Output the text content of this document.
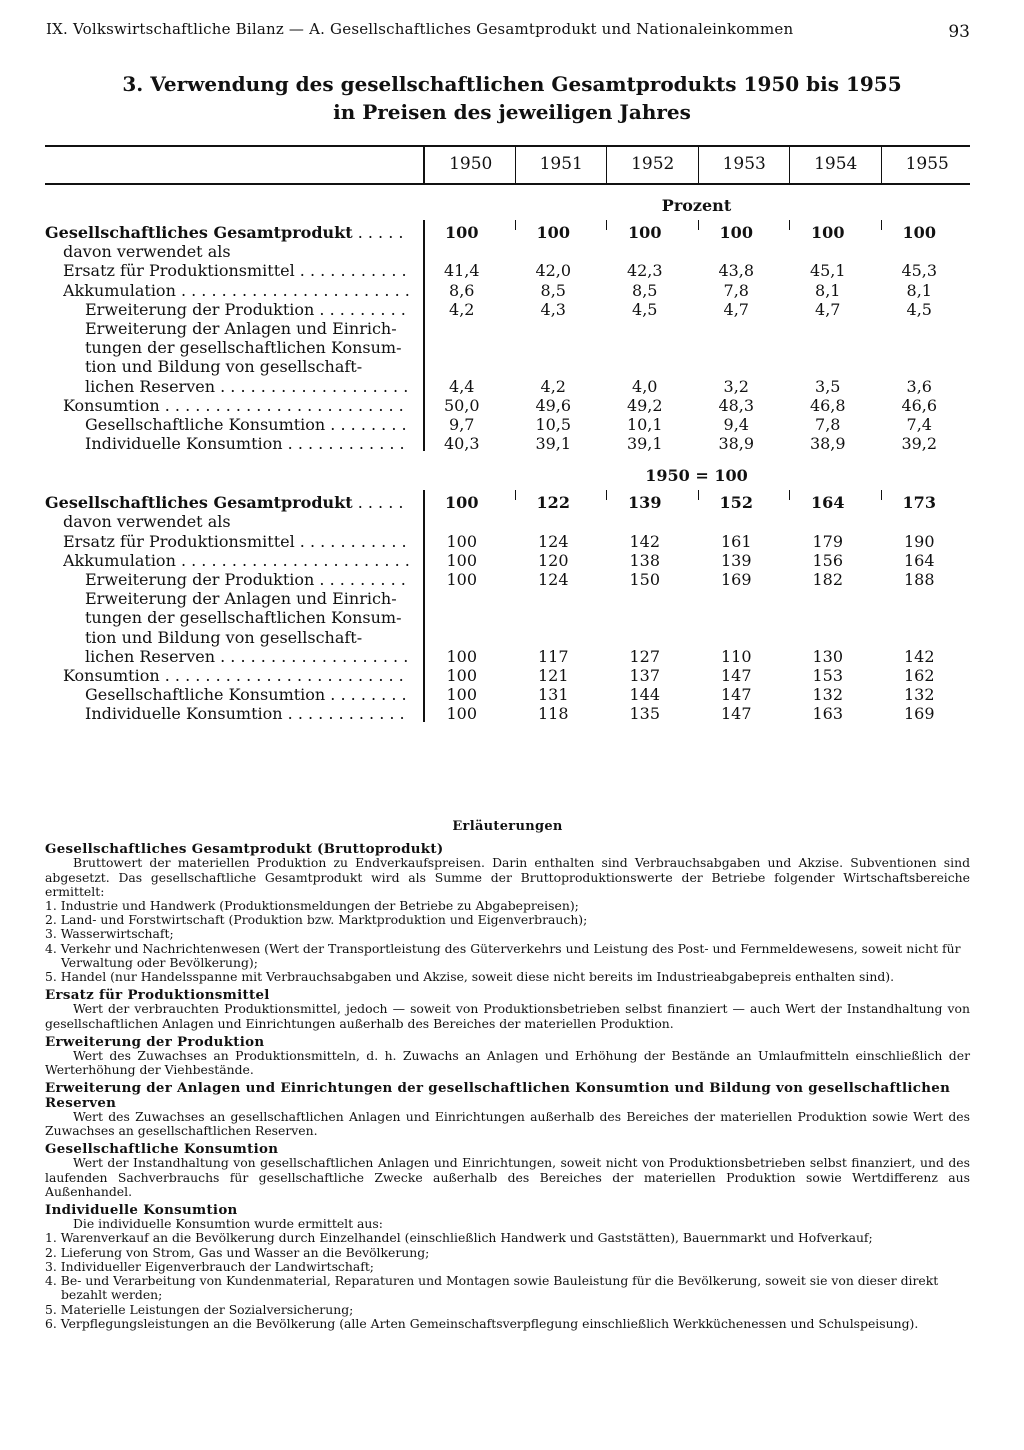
IX. Volkswirtschaftliche Bilanz — A. Gesellschaftliches Gesamtprodukt und Nationaleinkommen	93
3. Verwendung des gesellschaftlichen Gesamtprodukts 1950 bis 1955
in Preisen des jeweiligen Jahres
1950	1951	1952	1953	1954	1955
Prozent
Gesellschaftliches Gesamtprodukt . . .	100	100	100	100	100	100
davon verwendet als
Ersatz für Produktionsmittel . . .	41,4	42,0	42,3	43,8	45,1	45,3
Akkumulation . . .	8,6	8,5	8,5	7,8	8,1	8,1
Erweiterung der Produktion . . .	4,2	4,3	4,5	4,7	4,7	4,5
Erweiterung der Anlagen und Einrich-
tungen der gesellschaftlichen Konsum-
tion und Bildung von gesellschaft-
lichen Reserven . . .	4,4	4,2	4,0	3,2	3,5	3,6
Konsumtion . . .	50,0	49,6	49,2	48,3	46,8	46,6
Gesellschaftliche Konsumtion . . .	9,7	10,5	10,1	9,4	7,8	7,4
Individuelle Konsumtion . . .	40,3	39,1	39,1	38,9	38,9	39,2
1950 = 100
Gesellschaftliches Gesamtprodukt . . .	100	122	139	152	164	173
davon verwendet als
Ersatz für Produktionsmittel . . .	100	124	142	161	179	190
Akkumulation . . .	100	120	138	139	156	164
Erweiterung der Produktion . . .	100	124	150	169	182	188
Erweiterung der Anlagen und Einrich-
tungen der gesellschaftlichen Konsum-
tion und Bildung von gesellschaft-
lichen Reserven . . .	100	117	127	110	130	142
Konsumtion . . .	100	121	137	147	153	162
Gesellschaftliche Konsumtion . . .	100	131	144	147	132	132
Individuelle Konsumtion . . .	100	118	135	147	163	169
Erläuterungen
Gesellschaftliches Gesamtprodukt (Bruttoprodukt)
Bruttowert der materiellen Produktion zu Endverkaufspreisen. Darin enthalten sind Verbrauchsabgaben und Akzise. Subventionen sind abgesetzt. Das gesellschaftliche Gesamtprodukt wird als Summe der Bruttoproduktionswerte der Betriebe folgender Wirtschaftsbereiche ermittelt:
1. Industrie und Handwerk (Produktionsmeldungen der Betriebe zu Abgabepreisen);
2. Land- und Forstwirtschaft (Produktion bzw. Marktproduktion und Eigenverbrauch);
3. Wasserwirtschaft;
4. Verkehr und Nachrichtenwesen (Wert der Transportleistung des Güterverkehrs und Leistung des Post- und Fernmeldewesens, soweit nicht für Verwaltung oder Bevölkerung);
5. Handel (nur Handelsspanne mit Verbrauchsabgaben und Akzise, soweit diese nicht bereits im Industrieabgabepreis enthalten sind).
Ersatz für Produktionsmittel
Wert der verbrauchten Produktionsmittel, jedoch — soweit von Produktionsbetrieben selbst finanziert — auch Wert der Instandhaltung von gesellschaftlichen Anlagen und Einrichtungen außerhalb des Bereiches der materiellen Produktion.
Erweiterung der Produktion
Wert des Zuwachses an Produktionsmitteln, d. h. Zuwachs an Anlagen und Erhöhung der Bestände an Umlaufmitteln einschließlich der Werterhöhung der Viehbestände.
Erweiterung der Anlagen und Einrichtungen der gesellschaftlichen Konsumtion und Bildung von gesellschaftlichen Reserven
Wert des Zuwachses an gesellschaftlichen Anlagen und Einrichtungen außerhalb des Bereiches der materiellen Produktion sowie Wert des Zuwachses an gesellschaftlichen Reserven.
Gesellschaftliche Konsumtion
Wert der Instandhaltung von gesellschaftlichen Anlagen und Einrichtungen, soweit nicht von Produktionsbetrieben selbst finanziert, und des laufenden Sachverbrauchs für gesellschaftliche Zwecke außerhalb des Bereiches der materiellen Produktion sowie Wertdifferenz aus Außenhandel.
Individuelle Konsumtion
Die individuelle Konsumtion wurde ermittelt aus:
1. Warenverkauf an die Bevölkerung durch Einzelhandel (einschließlich Handwerk und Gaststätten), Bauernmarkt und Hofverkauf;
2. Lieferung von Strom, Gas und Wasser an die Bevölkerung;
3. Individueller Eigenverbrauch der Landwirtschaft;
4. Be- und Verarbeitung von Kundenmaterial, Reparaturen und Montagen sowie Bauleistung für die Bevölkerung, soweit sie von dieser direkt bezahlt werden;
5. Materielle Leistungen der Sozialversicherung;
6. Verpflegungsleistungen an die Bevölkerung (alle Arten Gemeinschaftsverpflegung einschließlich Werkküchenessen und Schulspeisung).
